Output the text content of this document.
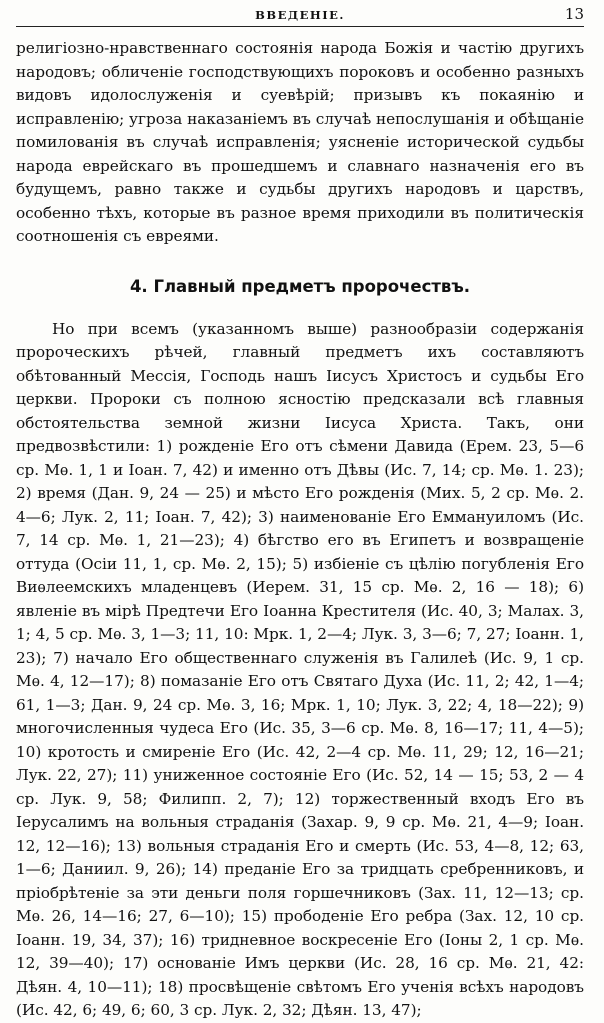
ВВЕДЕНІЕ.	13

религіозно-нравственнаго состоянія народа Божія и частію другихъ народовъ; обличеніе господствующихъ пороковъ и особенно разныхъ видовъ идолослуженія и суевѣрій; призывъ къ покаянію и исправленію; угроза наказаніемъ въ случаѣ непослушанія и обѣщаніе помилованія въ случаѣ исправленія; уясненіе исторической судьбы народа еврейскаго въ прошедшемъ и славнаго назначенія его въ будущемъ, равно также и судьбы другихъ народовъ и царствъ, особенно тѣхъ, которые въ разное время приходили въ политическія соотношенія съ евреями.

4. Главный предметъ пророчествъ.

Но при всемъ (указанномъ выше) разнообразіи содержанія пророческихъ рѣчей, главный предметъ ихъ составляютъ обѣтованный Мессія, Господь нашъ Іисусъ Христосъ и судьбы Его церкви. Пророки съ полною ясностію предсказали всѣ главныя обстоятельства земной жизни Іисуса Христа. Такъ, они предвозвѣстили: 1) рожденіе Его отъ сѣмени Давида (Ерем. 23, 5—6 ср. Мѳ. 1, 1 и Іоан. 7, 42) и именно отъ Дѣвы (Ис. 7, 14; ср. Мѳ. 1. 23); 2) время (Дан. 9, 24 — 25) и мѣсто Его рожденія (Мих. 5, 2 ср. Мѳ. 2. 4—6; Лук. 2, 11; Іоан. 7, 42); 3) наименованіе Его Еммануиломъ (Ис. 7, 14 ср. Мѳ. 1, 21—23); 4) бѣгство его въ Египетъ и возвращеніе оттуда (Осіи 11, 1, ср. Мѳ. 2, 15); 5) избіеніе съ цѣлію погубленія Его Виѳлеемскихъ младенцевъ (Иерем. 31, 15 ср. Мѳ. 2, 16 — 18); 6) явленіе въ мірѣ Предтечи Его Іоанна Крестителя (Ис. 40, 3; Малах. 3, 1; 4, 5 ср. Мѳ. 3, 1—3; 11, 10: Мрк. 1, 2—4; Лук. 3, 3—6; 7, 27; Іоанн. 1, 23); 7) начало Его общественнаго служенія въ Галилеѣ (Ис. 9, 1 ср. Мѳ. 4, 12—17); 8) помазаніе Его отъ Святаго Духа (Ис. 11, 2; 42, 1—4; 61, 1—3; Дан. 9, 24 ср. Мѳ. 3, 16; Мрк. 1, 10; Лук. 3, 22; 4, 18—22); 9) многочисленныя чудеса Его (Ис. 35, 3—6 ср. Мѳ. 8, 16—17; 11, 4—5); 10) кротость и смиреніе Его (Ис. 42, 2—4 ср. Мѳ. 11, 29; 12, 16—21; Лук. 22, 27); 11) униженное состояніе Его (Ис. 52, 14 — 15; 53, 2 — 4 ср. Лук. 9, 58; Филипп. 2, 7); 12) торжественный входъ Его въ Іерусалимъ на вольныя страданія (Захар. 9, 9 ср. Мѳ. 21, 4—9; Іоан. 12, 12—16); 13) вольныя страданія Его и смерть (Ис. 53, 4—8, 12; 63, 1—6; Даниил. 9, 26); 14) преданіе Его за тридцать сребренниковъ, и пріобрѣтеніе за эти деньги поля горшечниковъ (Зах. 11, 12—13; ср. Мѳ. 26, 14—16; 27, 6—10); 15) прободеніе Его ребра (Зах. 12, 10 ср. Іоанн. 19, 34, 37); 16) тридневное воскресеніе Его (Іоны 2, 1 ср. Мѳ. 12, 39—40); 17) основаніе Имъ церкви (Ис. 28, 16 ср. Мѳ. 21, 42: Дѣян. 4, 10—11); 18) просвѣщеніе свѣтомъ Его ученія всѣхъ народовъ (Ис. 42, 6; 49, 6; 60, 3 ср. Лук. 2, 32; Дѣян. 13, 47);
